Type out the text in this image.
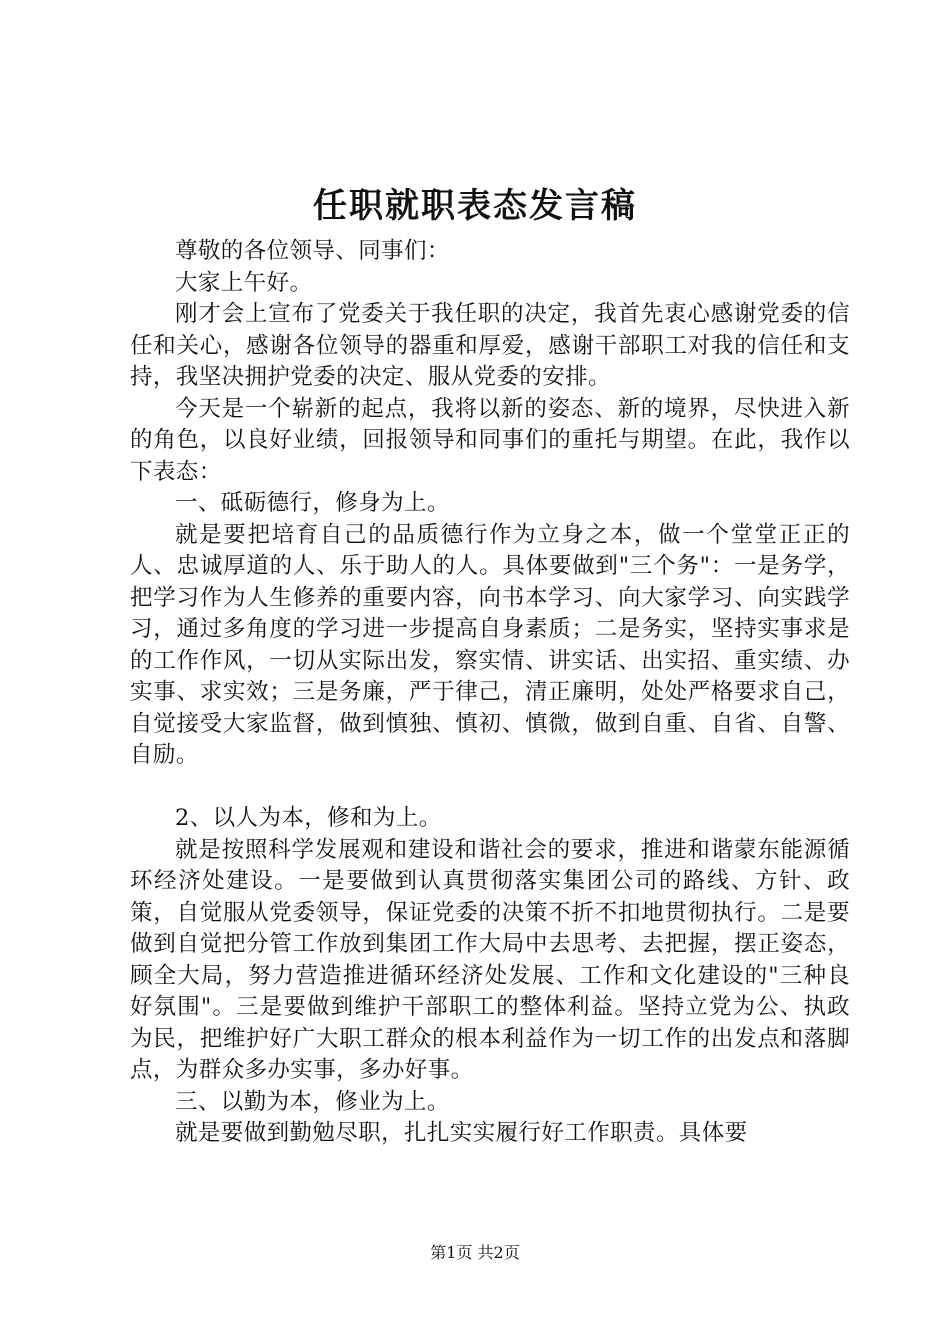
任职就职表态发言稿

尊敬的各位领导、同事们：

大家上午好。

刚才会上宣布了党委关于我任职的决定，我首先衷心感谢党委的信任和关心，感谢各位领导的器重和厚爱，感谢干部职工对我的信任和支持，我坚决拥护党委的决定、服从党委的安排。

今天是一个崭新的起点，我将以新的姿态、新的境界，尽快进入新的角色，以良好业绩，回报领导和同事们的重托与期望。在此，我作以下表态：

一、砥砺德行，修身为上。

就是要把培育自己的品质德行作为立身之本，做一个堂堂正正的人、忠诚厚道的人、乐于助人的人。具体要做到"三个务"：一是务学，把学习作为人生修养的重要内容，向书本学习、向大家学习、向实践学习，通过多角度的学习进一步提高自身素质；二是务实，坚持实事求是的工作作风，一切从实际出发，察实情、讲实话、出实招、重实绩、办实事、求实效；三是务廉，严于律己，清正廉明，处处严格要求自己，自觉接受大家监督，做到慎独、慎初、慎微，做到自重、自省、自警、自励。

2、以人为本，修和为上。

就是按照科学发展观和建设和谐社会的要求，推进和谐蒙东能源循环经济处建设。一是要做到认真贯彻落实集团公司的路线、方针、政策，自觉服从党委领导，保证党委的决策不折不扣地贯彻执行。二是要做到自觉把分管工作放到集团工作大局中去思考、去把握，摆正姿态，顾全大局，努力营造推进循环经济处发展、工作和文化建设的"三种良好氛围"。三是要做到维护干部职工的整体利益。坚持立党为公、执政为民，把维护好广大职工群众的根本利益作为一切工作的出发点和落脚点，为群众多办实事，多办好事。

三、以勤为本，修业为上。

就是要做到勤勉尽职，扎扎实实履行好工作职责。具体要

第1页 共2页
